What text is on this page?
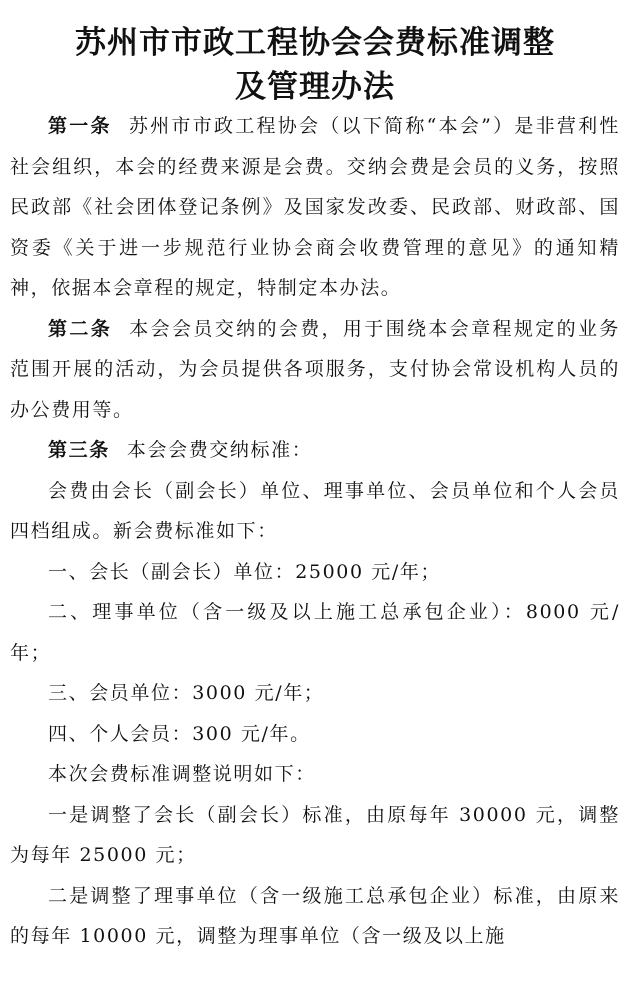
苏州市市政工程协会会费标准调整
及管理办法

第一条 苏州市市政工程协会（以下简称“本会”）是非营利性社会组织，本会的经费来源是会费。交纳会费是会员的义务，按照民政部《社会团体登记条例》及国家发改委、民政部、财政部、国资委《关于进一步规范行业协会商会收费管理的意见》的通知精神，依据本会章程的规定，特制定本办法。

第二条 本会会员交纳的会费，用于围绕本会章程规定的业务范围开展的活动，为会员提供各项服务，支付协会常设机构人员的办公费用等。

第三条 本会会费交纳标准：

会费由会长（副会长）单位、理事单位、会员单位和个人会员四档组成。新会费标准如下：

一、会长（副会长）单位：25000 元/年；

二、理事单位（含一级及以上施工总承包企业）：8000 元/年；

三、会员单位：3000 元/年；

四、个人会员：300 元/年。

本次会费标准调整说明如下：

一是调整了会长（副会长）标准，由原每年 30000 元，调整为每年 25000 元；

二是调整了理事单位（含一级施工总承包企业）标准，由原来的每年 10000 元，调整为理事单位（含一级及以上施
